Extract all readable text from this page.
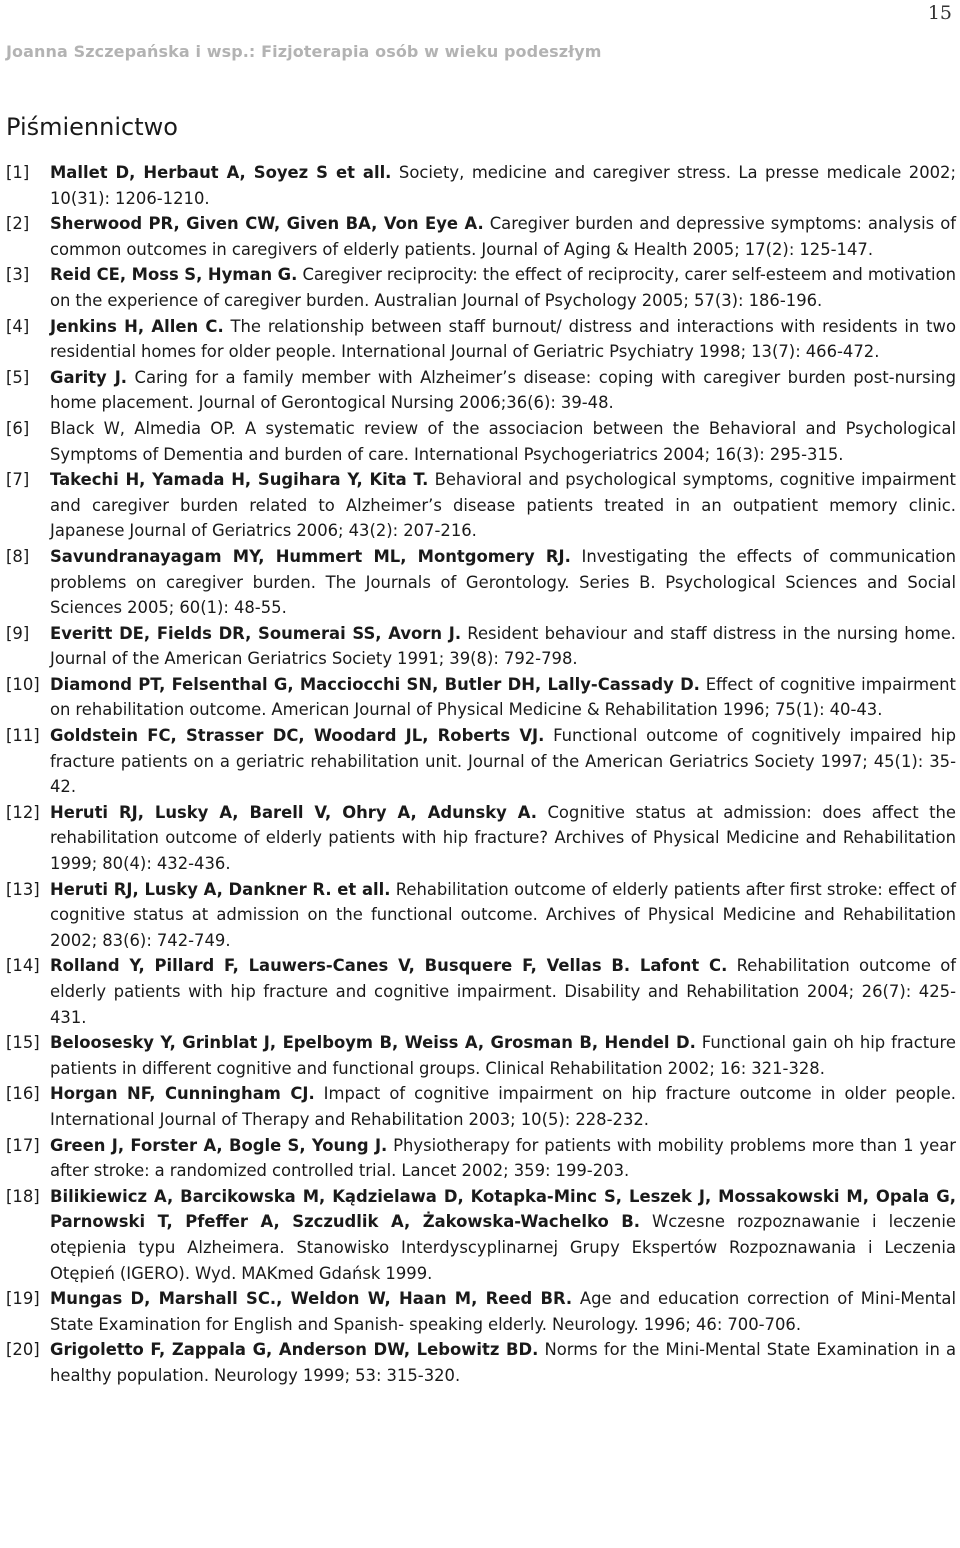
15
Joanna Szczepańska i wsp.: Fizjoterapia osób w wieku podeszłym
Piśmiennictwo
[1] Mallet D, Herbaut A, Soyez S et all. Society, medicine and caregiver stress. La presse medicale 2002; 10(31): 1206-1210.
[2] Sherwood PR, Given CW, Given BA, Von Eye A. Caregiver burden and depressive symptoms: analysis of common outcomes in caregivers of elderly patients. Journal of Aging & Health 2005; 17(2): 125-147.
[3] Reid CE, Moss S, Hyman G. Caregiver reciprocity: the effect of reciprocity, carer self-esteem and motivation on the experience of caregiver burden. Australian Journal of Psychology 2005; 57(3): 186-196.
[4] Jenkins H, Allen C. The relationship between staff burnout/ distress and interactions with residents in two residential homes for older people. International Journal of Geriatric Psychiatry 1998; 13(7): 466-472.
[5] Garity J. Caring for a family member with Alzheimer’s disease: coping with caregiver burden post-nursing home placement. Journal of Gerontogical Nursing 2006;36(6): 39-48.
[6] Black W, Almedia OP. A systematic review of the associacion between the Behavioral and Psychological Symptoms of Dementia and burden of care. International Psychogeriatrics 2004; 16(3): 295-315.
[7] Takechi H, Yamada H, Sugihara Y, Kita T. Behavioral and psychological symptoms, cognitive impairment and caregiver burden related to Alzheimer’s disease patients treated in an outpatient memory clinic. Japanese Journal of Geriatrics 2006; 43(2): 207-216.
[8] Savundranayagam MY, Hummert ML, Montgomery RJ. Investigating the effects of communication problems on caregiver burden. The Journals of Gerontology. Series B. Psychological Sciences and Social Sciences 2005; 60(1): 48-55.
[9] Everitt DE, Fields DR, Soumerai SS, Avorn J. Resident behaviour and staff distress in the nursing home. Journal of the American Geriatrics Society 1991; 39(8): 792-798.
[10] Diamond PT, Felsenthal G, Macciocchi SN, Butler DH, Lally-Cassady D. Effect of cognitive impairment on rehabilitation outcome. American Journal of Physical Medicine & Rehabilitation 1996; 75(1): 40-43.
[11] Goldstein FC, Strasser DC, Woodard JL, Roberts VJ. Functional outcome of cognitively impaired hip fracture patients on a geriatric rehabilitation unit. Journal of the American Geriatrics Society 1997; 45(1): 35-42.
[12] Heruti RJ, Lusky A, Barell V, Ohry A, Adunsky A. Cognitive status at admission: does affect the rehabilitation outcome of elderly patients with hip fracture? Archives of Physical Medicine and Rehabilitation 1999; 80(4): 432-436.
[13] Heruti RJ, Lusky A, Dankner R. et all. Rehabilitation outcome of elderly patients after first stroke: effect of cognitive status at admission on the functional outcome. Archives of Physical Medicine and Rehabilitation 2002; 83(6): 742-749.
[14] Rolland Y, Pillard F, Lauwers-Canes V, Busquere F, Vellas B. Lafont C. Rehabilitation outcome of elderly patients with hip fracture and cognitive impairment. Disability and Rehabilitation 2004; 26(7): 425-431.
[15] Beloosesky Y, Grinblat J, Epelboym B, Weiss A, Grosman B, Hendel D. Functional gain oh hip fracture patients in different cognitive and functional groups. Clinical Rehabilitation 2002; 16: 321-328.
[16] Horgan NF, Cunningham CJ. Impact of cognitive impairment on hip fracture outcome in older people. International Journal of Therapy and Rehabilitation 2003; 10(5): 228-232.
[17] Green J, Forster A, Bogle S, Young J. Physiotherapy for patients with mobility problems more than 1 year after stroke: a randomized controlled trial. Lancet 2002; 359: 199-203.
[18] Bilikiewicz A, Barcikowska M, Kądzielawa D, Kotapka-Minc S, Leszek J, Mossakowski M, Opala G, Parnowski T, Pfeffer A, Szczudlik A, Żakowska-Wachelko B. Wczesne rozpoznawanie i leczenie otępienia typu Alzheimera. Stanowisko Interdyscyplinarnej Grupy Ekspertów Rozpoznawania i Leczenia Otępień (IGERO). Wyd. MAKmed Gdańsk 1999.
[19] Mungas D, Marshall SC., Weldon W, Haan M, Reed BR. Age and education correction of Mini-Mental State Examination for English and Spanish- speaking elderly. Neurology. 1996; 46: 700-706.
[20] Grigoletto F, Zappala G, Anderson DW, Lebowitz BD. Norms for the Mini-Mental State Examination in a healthy population. Neurology 1999; 53: 315-320.
